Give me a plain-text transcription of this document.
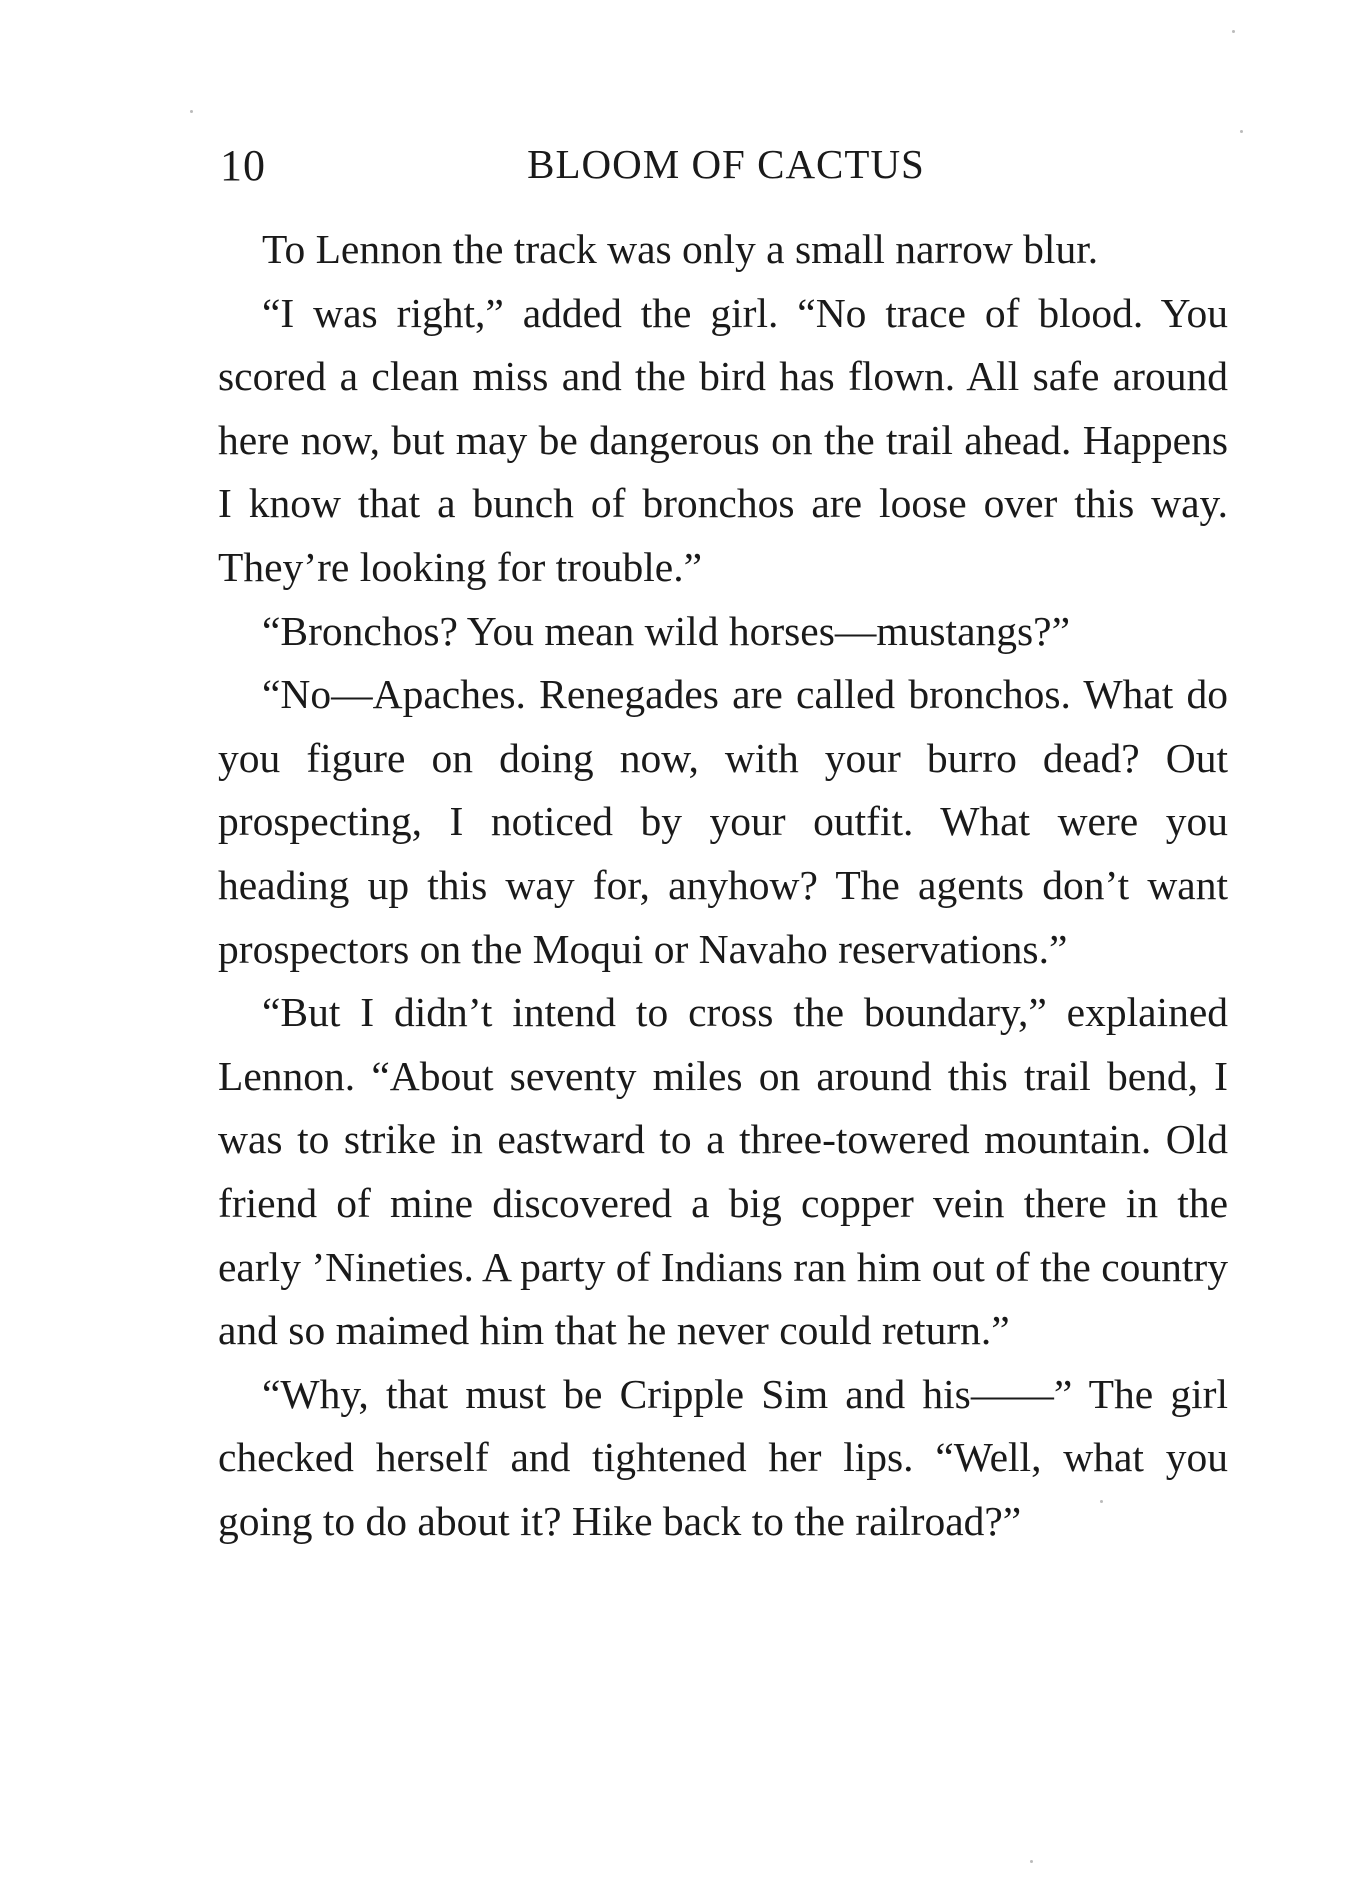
10	BLOOM OF CACTUS

To Lennon the track was only a small narrow blur.

“I was right,” added the girl. “No trace of blood. You scored a clean miss and the bird has flown. All safe around here now, but may be dangerous on the trail ahead. Happens I know that a bunch of bronchos are loose over this way. They’re looking for trouble.”

“Bronchos? You mean wild horses—mustangs?”

“No—Apaches. Renegades are called bronchos. What do you figure on doing now, with your burro dead? Out prospecting, I noticed by your outfit. What were you heading up this way for, anyhow? The agents don’t want prospectors on the Moqui or Navaho reservations.”

“But I didn’t intend to cross the boundary,” explained Lennon. “About seventy miles on around this trail bend, I was to strike in eastward to a three-towered mountain. Old friend of mine discovered a big copper vein there in the early ’Nineties. A party of Indians ran him out of the country and so maimed him that he never could return.”

“Why, that must be Cripple Sim and his——” The girl checked herself and tightened her lips. “Well, what you going to do about it? Hike back to the railroad?”
